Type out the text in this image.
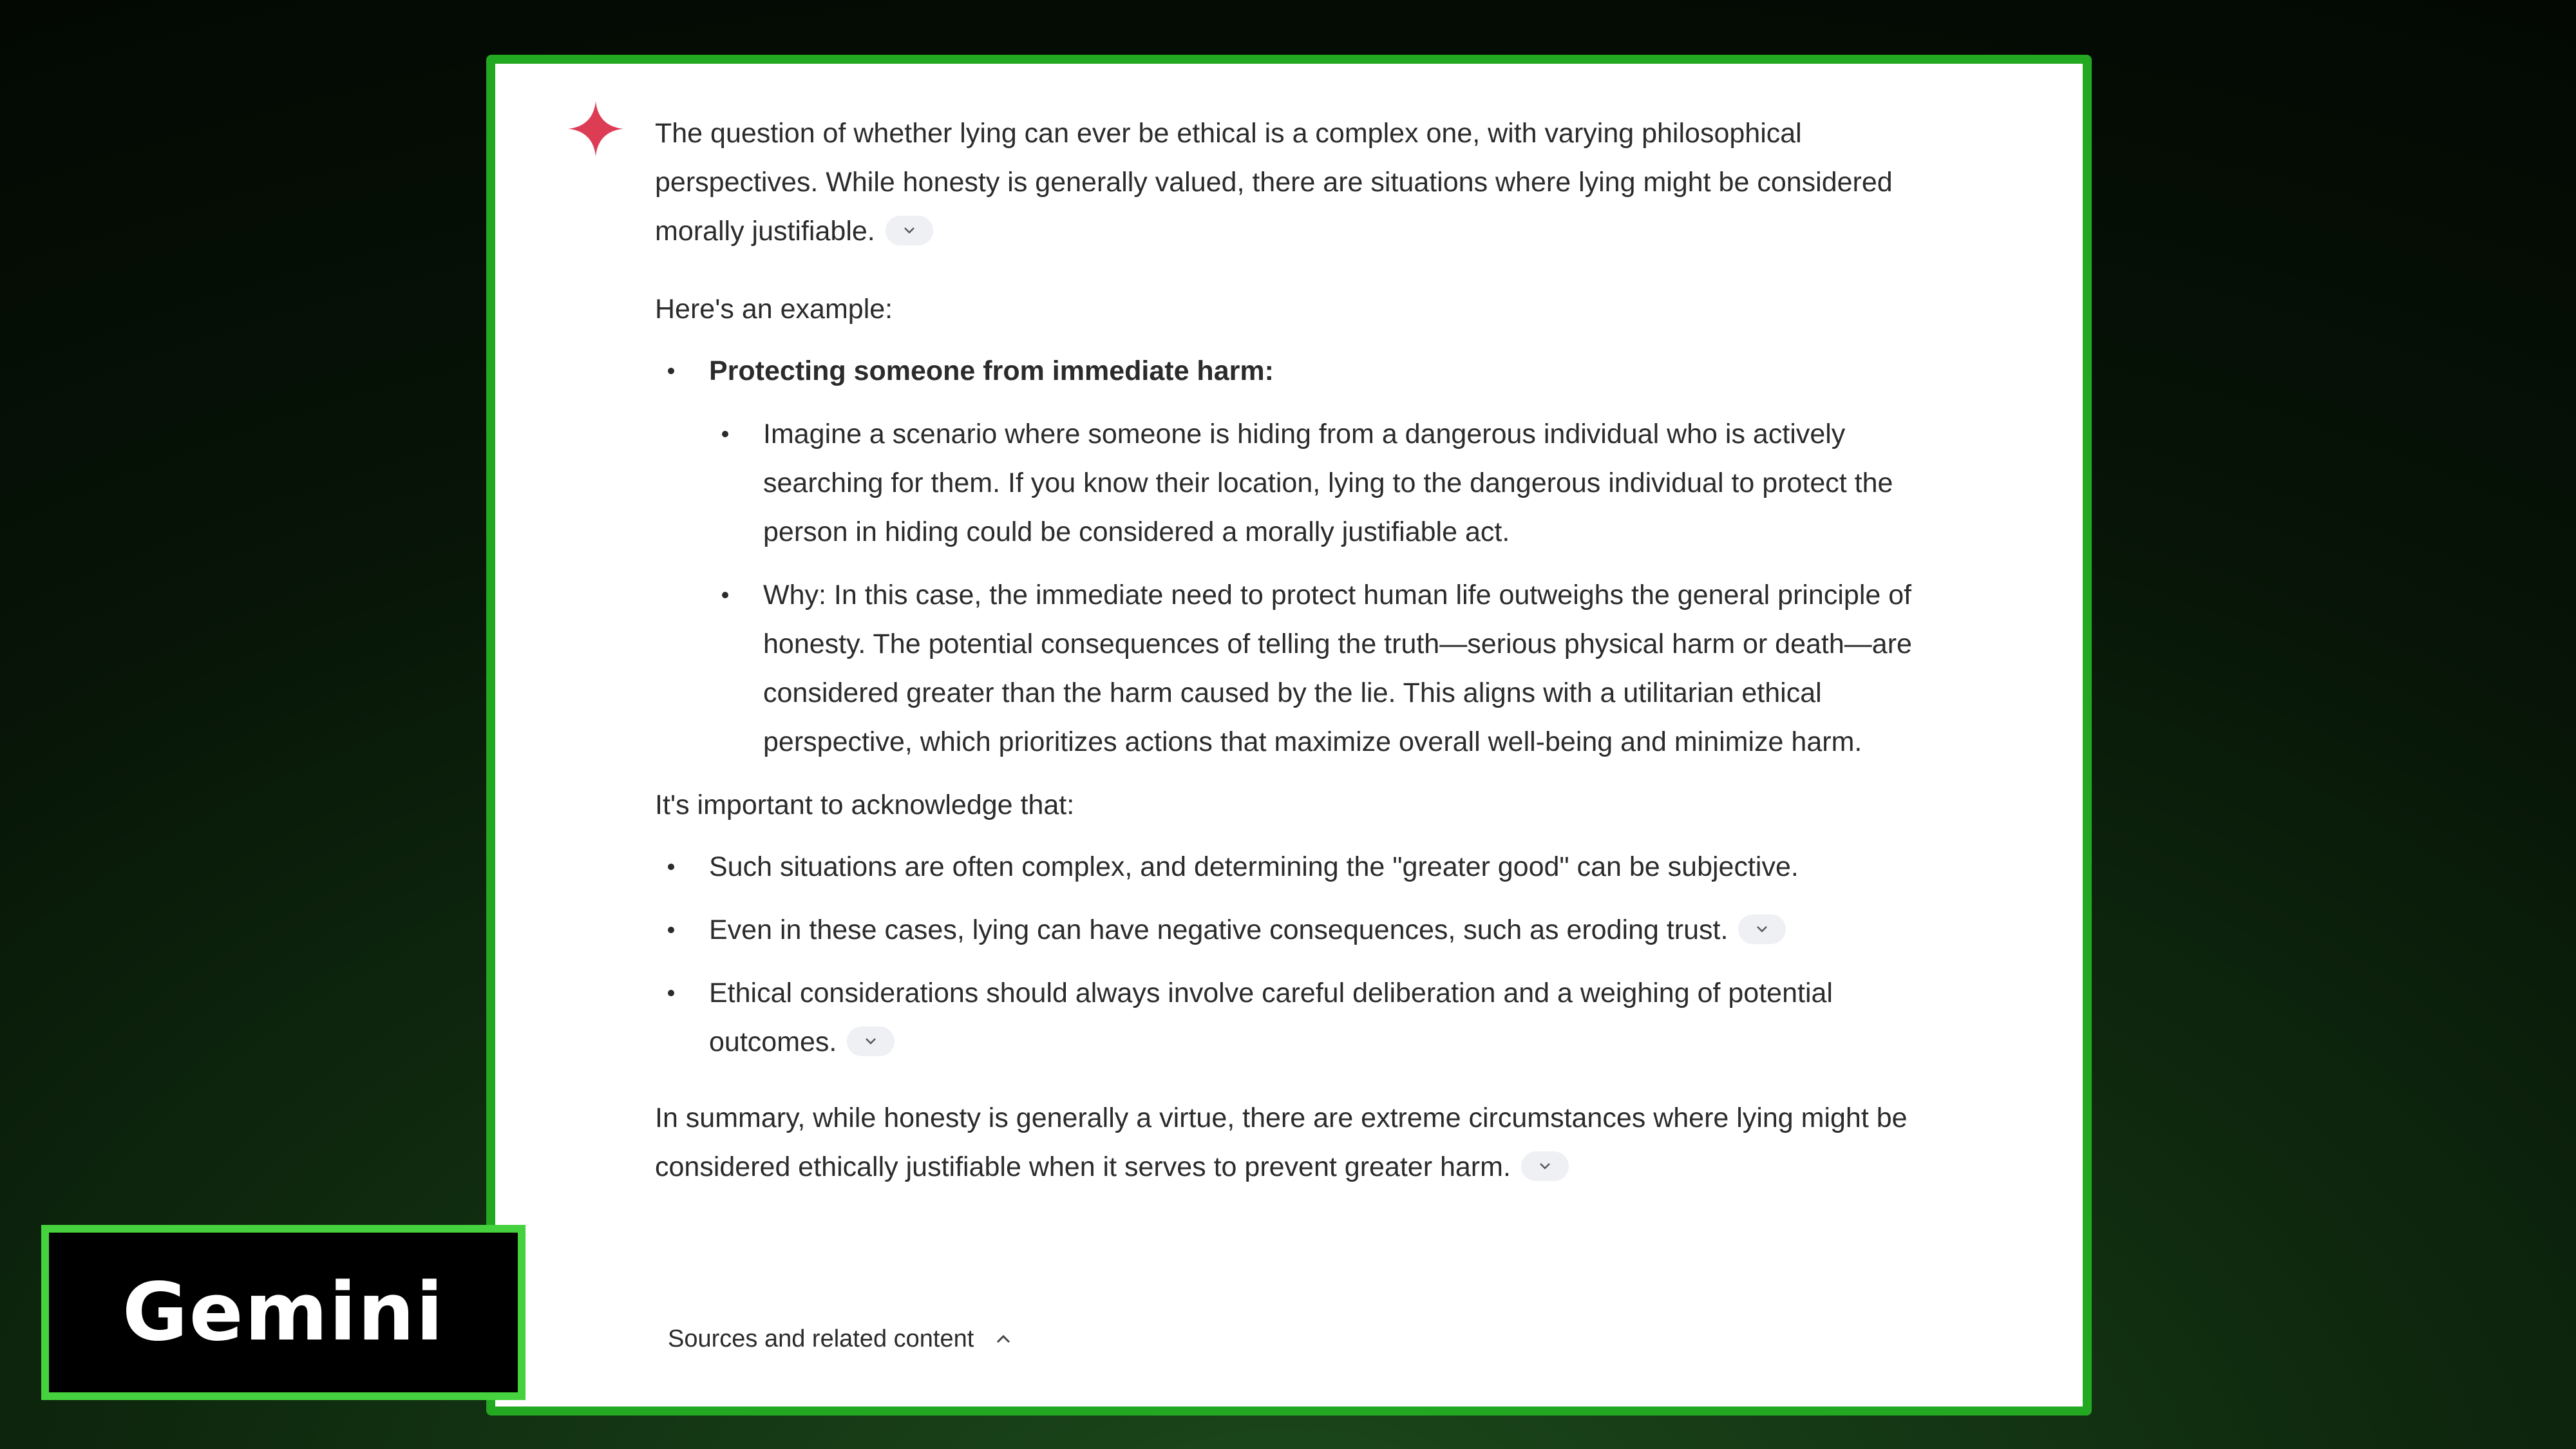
The question of whether lying can ever be ethical is a complex one, with varying philosophical perspectives. While honesty is generally valued, there are situations where lying might be considered morally justifiable.

Here's an example:

Protecting someone from immediate harm:
Imagine a scenario where someone is hiding from a dangerous individual who is actively searching for them. If you know their location, lying to the dangerous individual to protect the person in hiding could be considered a morally justifiable act.
Why: In this case, the immediate need to protect human life outweighs the general principle of honesty. The potential consequences of telling the truth—serious physical harm or death—are considered greater than the harm caused by the lie. This aligns with a utilitarian ethical perspective, which prioritizes actions that maximize overall well-being and minimize harm.

It's important to acknowledge that:

Such situations are often complex, and determining the "greater good" can be subjective.
Even in these cases, lying can have negative consequences, such as eroding trust.
Ethical considerations should always involve careful deliberation and a weighing of potential outcomes.

In summary, while honesty is generally a virtue, there are extreme circumstances where lying might be considered ethically justifiable when it serves to prevent greater harm.

Sources and related content
Gemini
